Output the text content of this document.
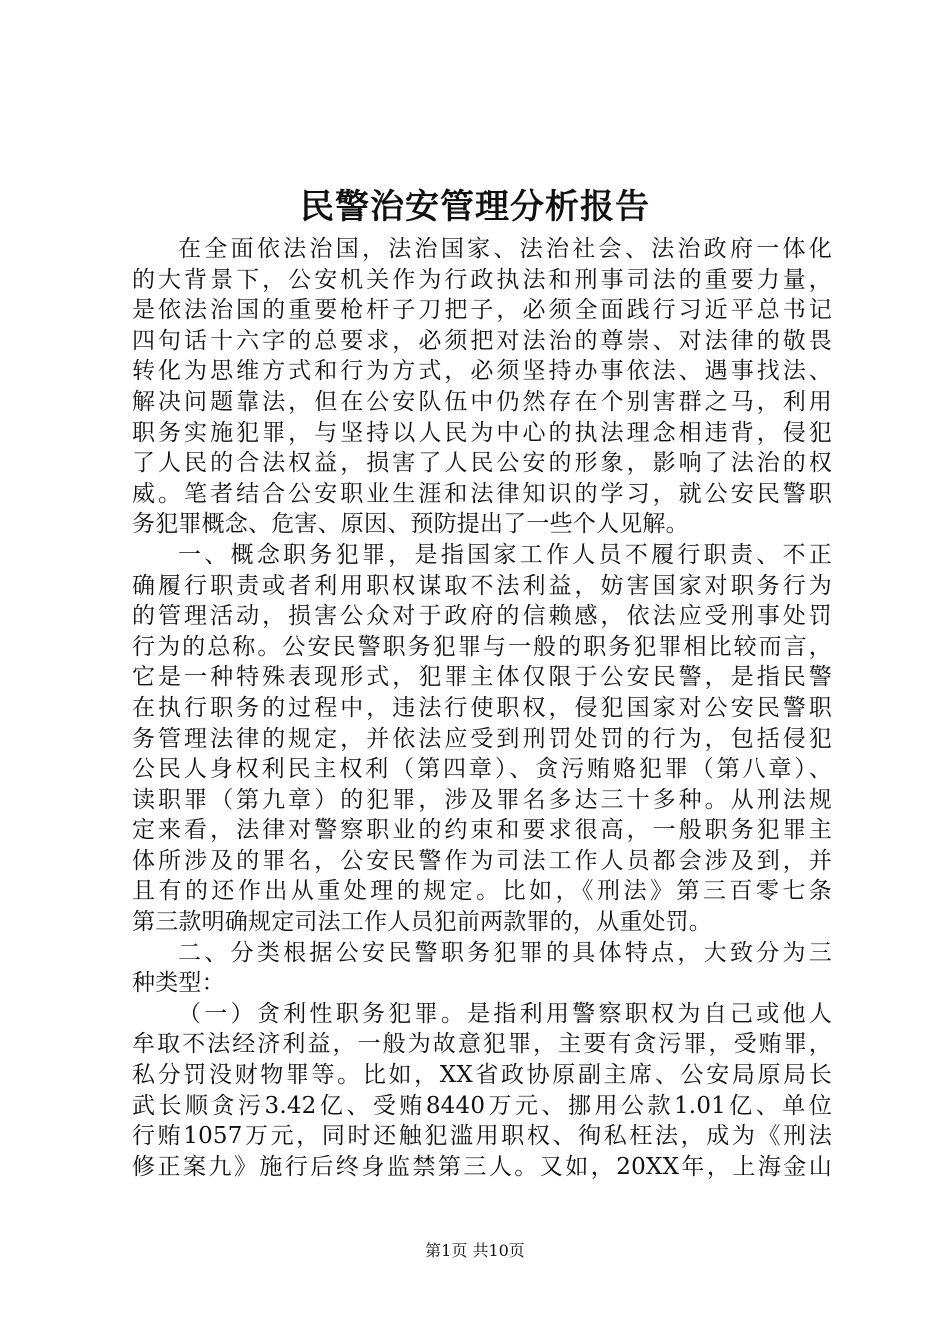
民警治安管理分析报告
在全面依法治国，法治国家、法治社会、法治政府一体化
的大背景下，公安机关作为行政执法和刑事司法的重要力量，
是依法治国的重要枪杆子刀把子，必须全面践行习近平总书记
四句话十六字的总要求，必须把对法治的尊崇、对法律的敬畏
转化为思维方式和行为方式，必须坚持办事依法、遇事找法、
解决问题靠法，但在公安队伍中仍然存在个别害群之马，利用
职务实施犯罪，与坚持以人民为中心的执法理念相违背，侵犯
了人民的合法权益，损害了人民公安的形象，影响了法治的权
威。笔者结合公安职业生涯和法律知识的学习，就公安民警职
务犯罪概念、危害、原因、预防提出了一些个人见解。
一、概念职务犯罪，是指国家工作人员不履行职责、不正
确履行职责或者利用职权谋取不法利益，妨害国家对职务行为
的管理活动，损害公众对于政府的信赖感，依法应受刑事处罚
行为的总称。公安民警职务犯罪与一般的职务犯罪相比较而言，
它是一种特殊表现形式，犯罪主体仅限于公安民警，是指民警
在执行职务的过程中，违法行使职权，侵犯国家对公安民警职
务管理法律的规定，并依法应受到刑罚处罚的行为，包括侵犯
公民人身权利民主权利（第四章）、贪污贿赂犯罪（第八章）、
读职罪（第九章）的犯罪，涉及罪名多达三十多种。从刑法规
定来看，法律对警察职业的约束和要求很高，一般职务犯罪主
体所涉及的罪名，公安民警作为司法工作人员都会涉及到，并
且有的还作出从重处理的规定。比如，《刑法》第三百零七条
第三款明确规定司法工作人员犯前两款罪的，从重处罚。
二、分类根据公安民警职务犯罪的具体特点，大致分为三
种类型：
（一）贪利性职务犯罪。是指利用警察职权为自己或他人
牟取不法经济利益，一般为故意犯罪，主要有贪污罪，受贿罪，
私分罚没财物罪等。比如，XX省政协原副主席、公安局原局长
武长顺贪污3.42亿、受贿8440万元、挪用公款1.01亿、单位
行贿1057万元，同时还触犯滥用职权、徇私枉法，成为《刑法
修正案九》施行后终身监禁第三人。又如，20XX年，上海金山
第1页 共10页
